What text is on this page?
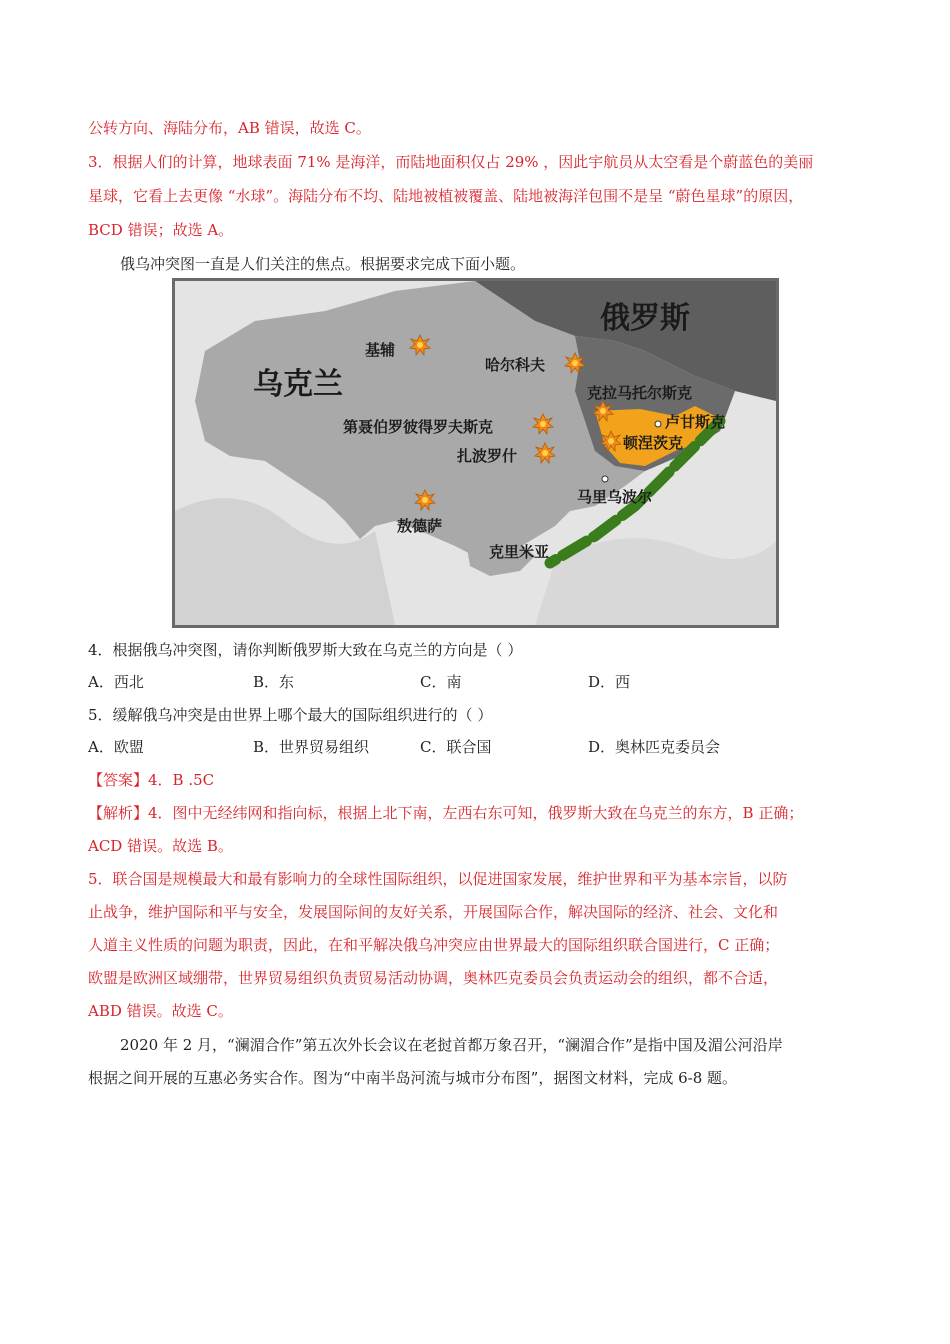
公转方向、海陆分布，AB 错误，故选 C。
3．根据人们的计算，地球表面 71% 是海洋，而陆地面积仅占 29% ，因此宇航员从太空看是个蔚蓝色的美丽
星球，它看上去更像 “水球”。海陆分布不均、陆地被植被覆盖、陆地被海洋包围不是呈 “蔚色星球”的原因，
BCD 错误；故选 A。
俄乌冲突图一直是人们关注的焦点。根据要求完成下面小题。
俄罗斯
乌克兰
基辅
哈尔科夫
克拉马托尔斯克
卢甘斯克
顿涅茨克
第聂伯罗彼得罗夫斯克
扎波罗什
敖德萨
马里乌波尔
克里米亚
4．根据俄乌冲突图，请你判断俄罗斯大致在乌克兰的方向是（ ）
A．西北	B．东	C．南	D．西
5．缓解俄乌冲突是由世界上哪个最大的国际组织进行的（ ）
A．欧盟	B．世界贸易组织	C．联合国	D．奥林匹克委员会
【答案】4．B .5C
【解析】4．图中无经纬网和指向标，根据上北下南，左西右东可知，俄罗斯大致在乌克兰的东方，B 正确；
ACD 错误。故选 B。
5．联合国是规模最大和最有影响力的全球性国际组织，以促进国家发展，维护世界和平为基本宗旨，以防
止战争，维护国际和平与安全，发展国际间的友好关系，开展国际合作，解决国际的经济、社会、文化和
人道主义性质的问题为职责，因此，在和平解决俄乌冲突应由世界最大的国际组织联合国进行，C 正确；
欧盟是欧洲区域绷带，世界贸易组织负责贸易活动协调，奥林匹克委员会负责运动会的组织，都不合适，
ABD 错误。故选 C。
2020 年 2 月，“澜湄合作”第五次外长会议在老挝首都万象召开，“澜湄合作”是指中国及湄公河沿岸
根据之间开展的互惠必务实合作。图为“中南半岛河流与城市分布图”，据图文材料，完成 6-8 题。
